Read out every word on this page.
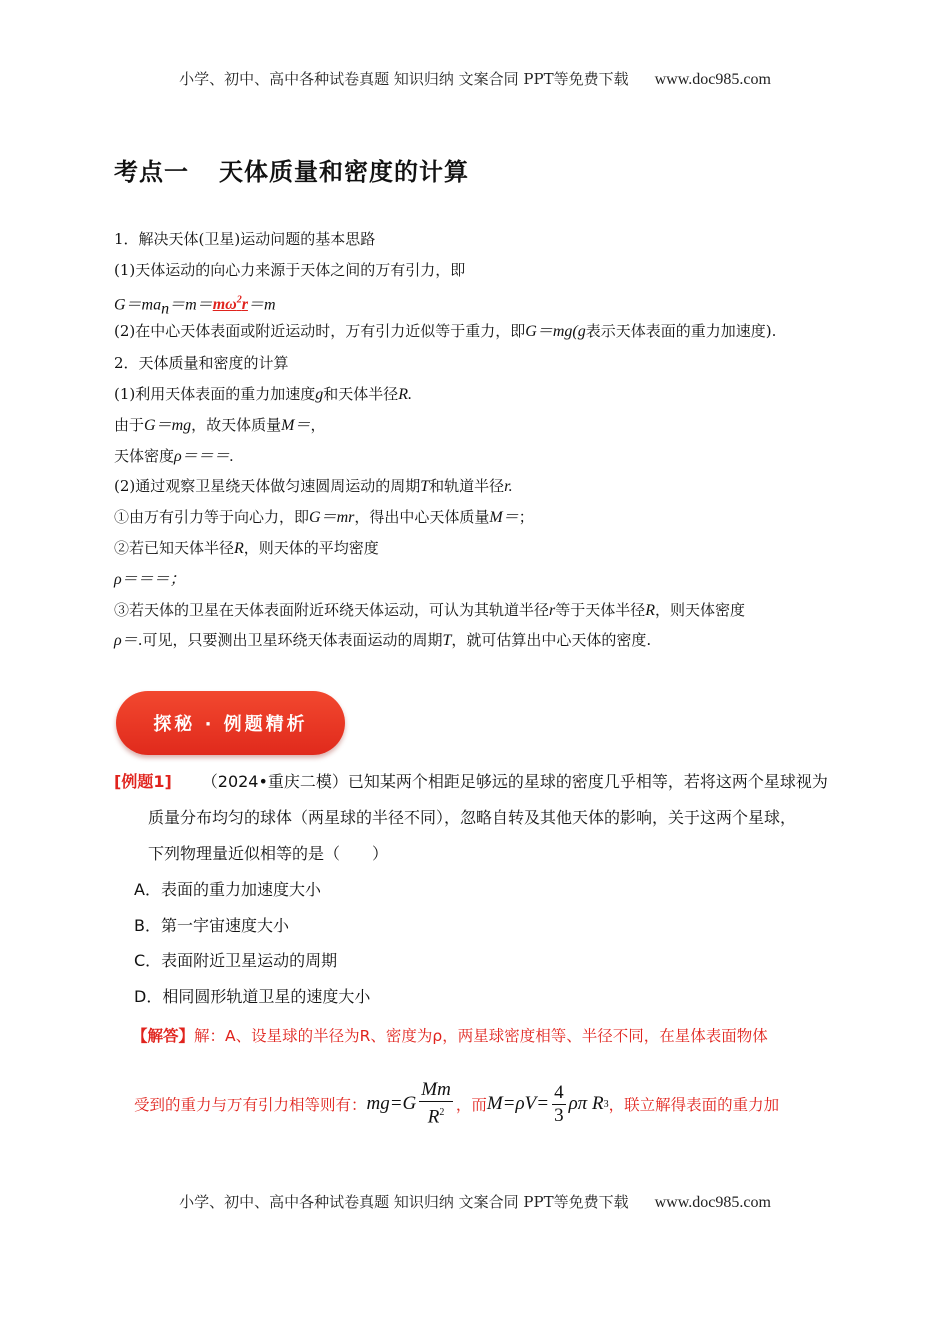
小学、初中、高中各种试卷真题 知识归纳 文案合同 PPT等免费下载 www.doc985.com
考点一 天体质量和密度的计算
1．解决天体(卫星)运动问题的基本思路
(1)天体运动的向心力来源于天体之间的万有引力，即
$G=ma_n=m=m\omega^2r=m$
(2)在中心天体表面或附近运动时，万有引力近似等于重力，即G＝mg(g表示天体表面的重力加速度).
2．天体质量和密度的计算
(1)利用天体表面的重力加速度g和天体半径R.
由于G＝mg，故天体质量M＝，
天体密度ρ＝＝＝.
(2)通过观察卫星绕天体做匀速圆周运动的周期T和轨道半径r.
①由万有引力等于向心力，即G＝mr，得出中心天体质量M＝；
②若已知天体半径R，则天体的平均密度
ρ＝＝＝；
③若天体的卫星在天体表面附近环绕天体运动，可认为其轨道半径r等于天体半径R，则天体密度
ρ＝.可见，只要测出卫星环绕天体表面运动的周期T，就可估算出中心天体的密度.
探秘 · 例题精析
[例题1] （2024•重庆二模）已知某两个相距足够远的星球的密度几乎相等，若将这两个星球视为
质量分布均匀的球体（两星球的半径不同），忽略自转及其他天体的影响，关于这两个星球，
下列物理量近似相等的是（　　）
A．表面的重力加速度大小
B．第一宇宙速度大小
C．表面附近卫星运动的周期
D．相同圆形轨道卫星的速度大小
【解答】解：A、设星球的半径为R、密度为ρ，两星球密度相等、半径不同，在星体表面物体
受到的重力与万有引力相等则有： $mg=G \frac{Mm}{R^2}$ ，而 $M=\rho V= \frac{4}{3}$ ρπ R 3 ，联立解得表面的重力加
小学、初中、高中各种试卷真题 知识归纳 文案合同 PPT等免费下载 www.doc985.com
